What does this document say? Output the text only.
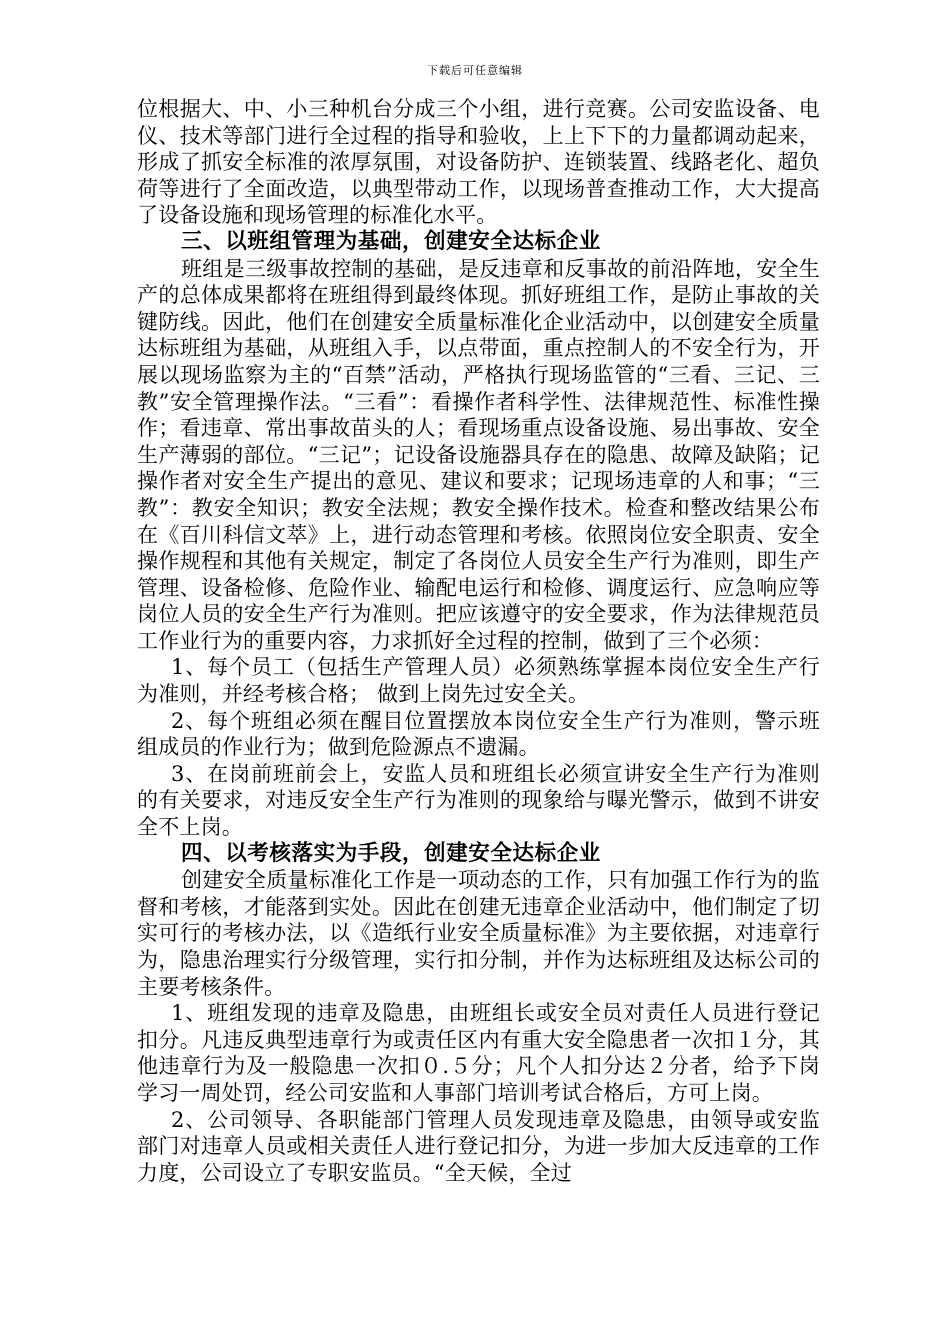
下载后可任意编辑

位根据大、中、小三种机台分成三个小组，进行竞赛。公司安监设备、电仪、技术等部门进行全过程的指导和验收，上上下下的力量都调动起来，形成了抓安全标准的浓厚氛围，对设备防护、连锁装置、线路老化、超负荷等进行了全面改造，以典型带动工作，以现场普查推动工作，大大提高了设备设施和现场管理的标准化水平。

三、以班组管理为基础，创建安全达标企业

班组是三级事故控制的基础，是反违章和反事故的前沿阵地，安全生产的总体成果都将在班组得到最终体现。抓好班组工作，是防止事故的关键防线。因此，他们在创建安全质量标准化企业活动中，以创建安全质量达标班组为基础，从班组入手，以点带面，重点控制人的不安全行为，开展以现场监察为主的“百禁”活动，严格执行现场监管的“三看、三记、三教”安全管理操作法。“三看”：看操作者科学性、法律规范性、标准性操作；看违章、常出事故苗头的人；看现场重点设备设施、易出事故、安全生产薄弱的部位。“三记”；记设备设施器具存在的隐患、故障及缺陷；记操作者对安全生产提出的意见、建议和要求；记现场违章的人和事；“三教”：教安全知识；教安全法规；教安全操作技术。检查和整改结果公布在《百川科信文萃》上，进行动态管理和考核。依照岗位安全职责、安全操作规程和其他有关规定，制定了各岗位人员安全生产行为准则，即生产管理、设备检修、危险作业、输配电运行和检修、调度运行、应急响应等岗位人员的安全生产行为准则。把应该遵守的安全要求，作为法律规范员工作业行为的重要内容，力求抓好全过程的控制，做到了三个必须：

1、每个员工（包括生产管理人员）必须熟练掌握本岗位安全生产行为准则，并经考核合格； 做到上岗先过安全关。

2、每个班组必须在醒目位置摆放本岗位安全生产行为准则，警示班组成员的作业行为；做到危险源点不遗漏。

3、在岗前班前会上，安监人员和班组长必须宣讲安全生产行为准则的有关要求，对违反安全生产行为准则的现象给与曝光警示，做到不讲安全不上岗。

四、以考核落实为手段，创建安全达标企业

创建安全质量标准化工作是一项动态的工作，只有加强工作行为的监督和考核，才能落到实处。因此在创建无违章企业活动中，他们制定了切实可行的考核办法，以《造纸行业安全质量标准》为主要依据，对违章行为，隐患治理实行分级管理，实行扣分制，并作为达标班组及达标公司的主要考核条件。

1、班组发现的违章及隐患，由班组长或安全员对责任人员进行登记扣分。凡违反典型违章行为或责任区内有重大安全隐患者一次扣１分，其他违章行为及一般隐患一次扣０.５分；凡个人扣分达２分者，给予下岗学习一周处罚，经公司安监和人事部门培训考试合格后，方可上岗。

2、公司领导、各职能部门管理人员发现违章及隐患，由领导或安监部门对违章人员或相关责任人进行登记扣分，为进一步加大反违章的工作力度，公司设立了专职安监员。“全天候，全过
